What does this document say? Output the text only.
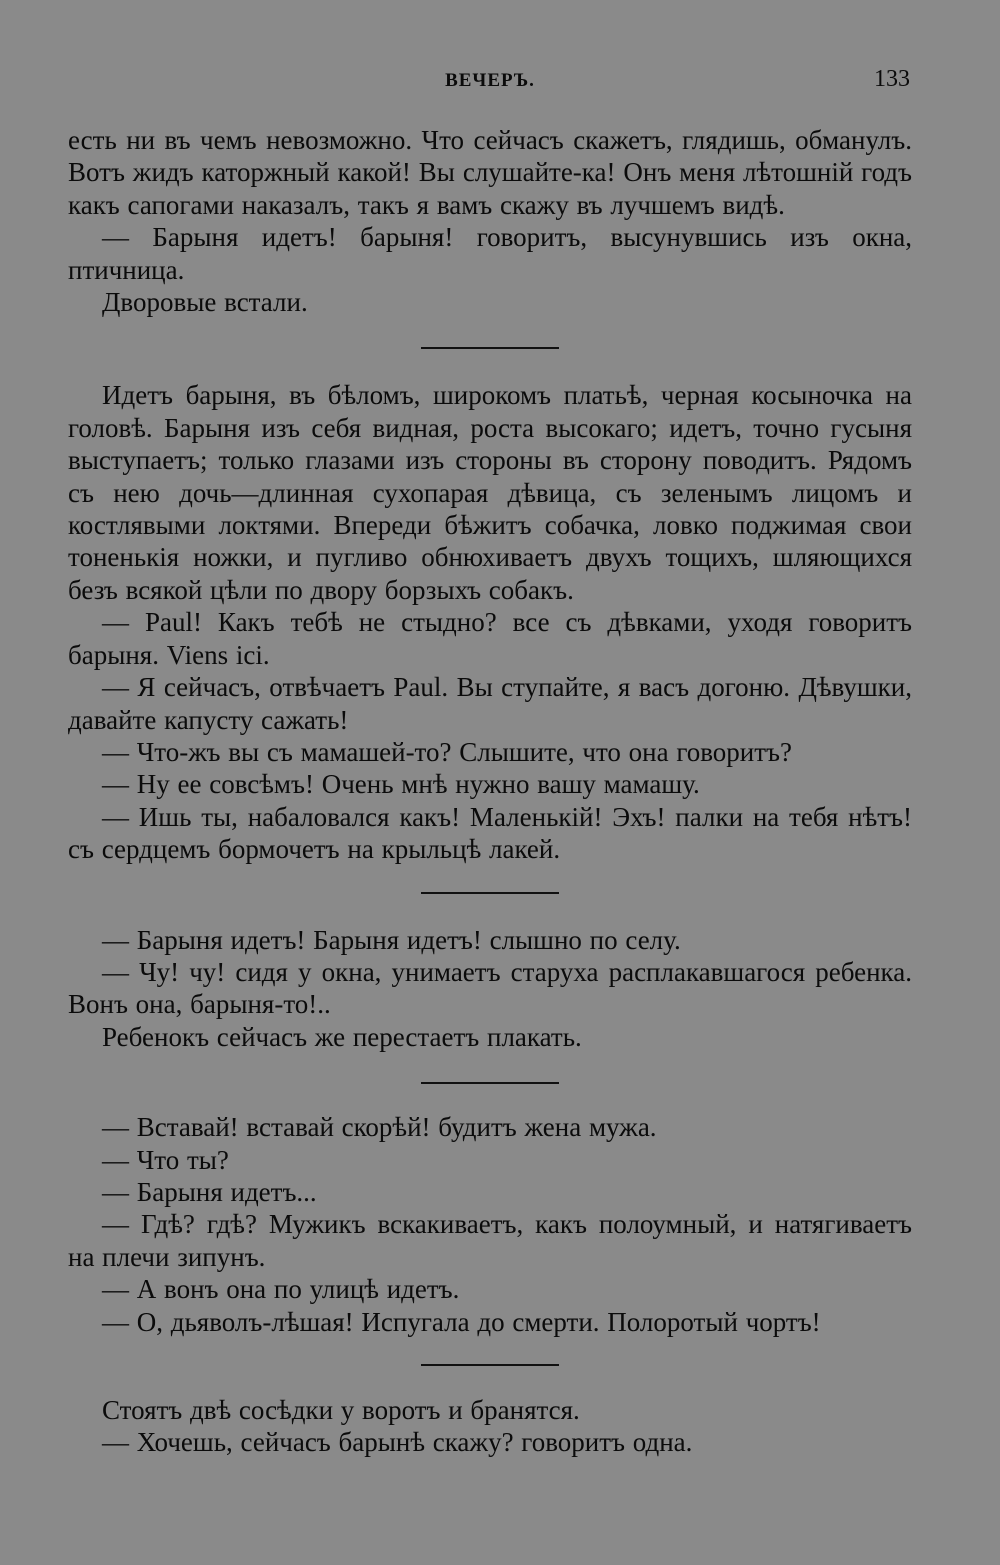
ВЕЧЕРЪ.	133

есть ни въ чемъ невозможно. Что сейчасъ скажетъ, глядишь, обманулъ. Вотъ жидъ каторжный какой! Вы слушайте-ка! Онъ меня лѣтошній годъ какъ сапогами наказалъ, такъ я вамъ скажу въ лучшемъ видѣ.

— Барыня идетъ! барыня! говоритъ, высунувшись изъ окна, птичница.

Дворовые встали.

Идетъ барыня, въ бѣломъ, широкомъ платьѣ, черная косыночка на головѣ. Барыня изъ себя видная, роста высокаго; идетъ, точно гусыня выступаетъ; только глазами изъ стороны въ сторону поводитъ. Рядомъ съ нею дочь—длинная сухопарая дѣвица, съ зеленымъ лицомъ и костлявыми локтями. Впереди бѣжитъ собачка, ловко поджимая свои тоненькія ножки, и пугливо обнюхиваетъ двухъ тощихъ, шляющихся безъ всякой цѣли по двору борзыхъ собакъ.

— Paul! Какъ тебѣ не стыдно? все съ дѣвками, уходя говоритъ барыня. Viens ici.

— Я сейчасъ, отвѣчаетъ Paul. Вы ступайте, я васъ догоню. Дѣвушки, давайте капусту сажать!

— Что-жъ вы съ мамашей-то? Слышите, что она говоритъ?

— Ну ее совсѣмъ! Очень мнѣ нужно вашу мамашу.

— Ишь ты, набаловался какъ! Маленькій! Эхъ! палки на тебя нѣтъ! съ сердцемъ бормочетъ на крыльцѣ лакей.

— Барыня идетъ! Барыня идетъ! слышно по селу.

— Чу! чу! сидя у окна, унимаетъ старуха расплакавшагося ребенка. Вонъ она, барыня-то!..

Ребенокъ сейчасъ же перестаетъ плакать.

— Вставай! вставай скорѣй! будитъ жена мужа.

— Что ты?

— Барыня идетъ...

— Гдѣ? гдѣ? Мужикъ вскакиваетъ, какъ полоумный, и натягиваетъ на плечи зипунъ.

— А вонъ она по улицѣ идетъ.

— О, дьяволъ-лѣшая! Испугала до смерти. Полоротый чортъ!

Стоятъ двѣ сосѣдки у воротъ и бранятся.

— Хочешь, сейчасъ барынѣ скажу? говоритъ одна.
